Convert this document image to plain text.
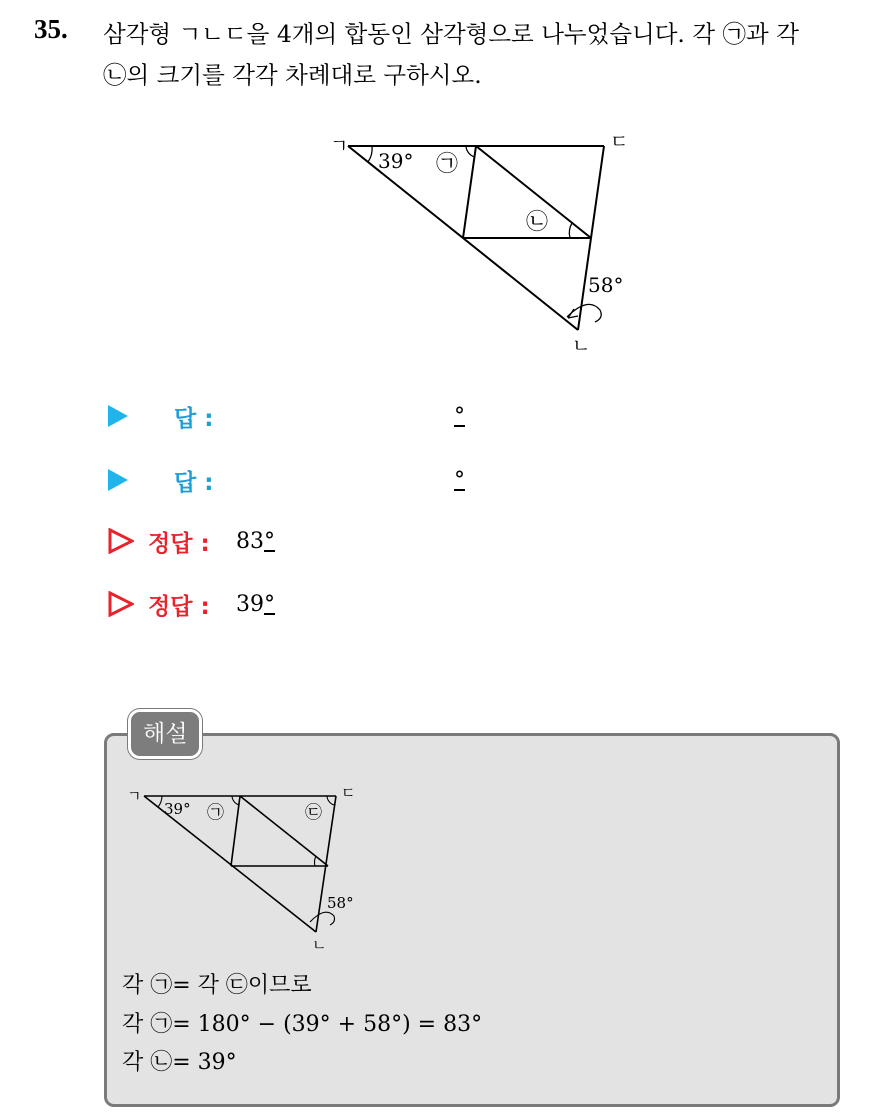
35. 삼각형 ㄱㄴㄷ을 4개의 합동인 삼각형으로 나누었습니다. 각 ㉠과 각

㉡의 크기를 각각 차례대로 구하시오.

ㄱ	ㄷ
ㄴ
39°
58°
㉠
㉡
답 :	°
답 :	°
정답 : 83°
정답 : 39°
해설
ㄱ	ㄷ
ㄴ
39°
58°
㉠	㉢
각 ㉠= 각 ㉢이므로
각 ㉠= 180° − (39° + 58°) = 83°
각 ㉡= 39°
